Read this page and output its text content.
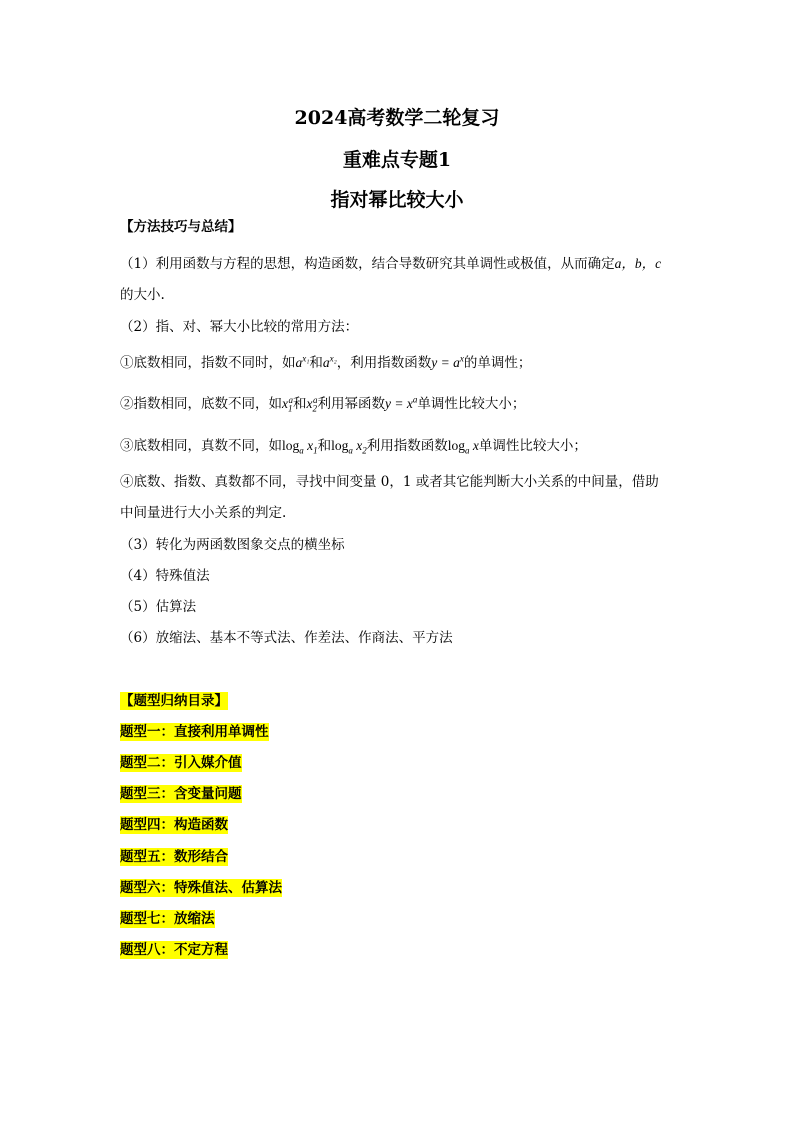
2024高考数学二轮复习
重难点专题1
指对幂比较大小
【方法技巧与总结】
（1）利用函数与方程的思想，构造函数，结合导数研究其单调性或极值，从而确定a，b，c
的大小.
（2）指、对、幂大小比较的常用方法：
①底数相同，指数不同时，如$a^{x_1}$和$a^{x_2}$，利用指数函数$y = a^x$的单调性；
②指数相同，底数不同，如$x_1^a$和$x_2^a$利用幂函数$y = x^a$单调性比较大小；
③底数相同，真数不同，如$\log_a x_1$和$\log_a x_2$利用指数函数$\log_a x$单调性比较大小；
④底数、指数、真数都不同，寻找中间变量 0，1 或者其它能判断大小关系的中间量，借助
中间量进行大小关系的判定.
（3）转化为两函数图象交点的横坐标
（4）特殊值法
（5）估算法
（6）放缩法、基本不等式法、作差法、作商法、平方法
【题型归纳目录】
题型一：直接利用单调性
题型二：引入媒介值
题型三：含变量问题
题型四：构造函数
题型五：数形结合
题型六：特殊值法、估算法
题型七：放缩法
题型八：不定方程
